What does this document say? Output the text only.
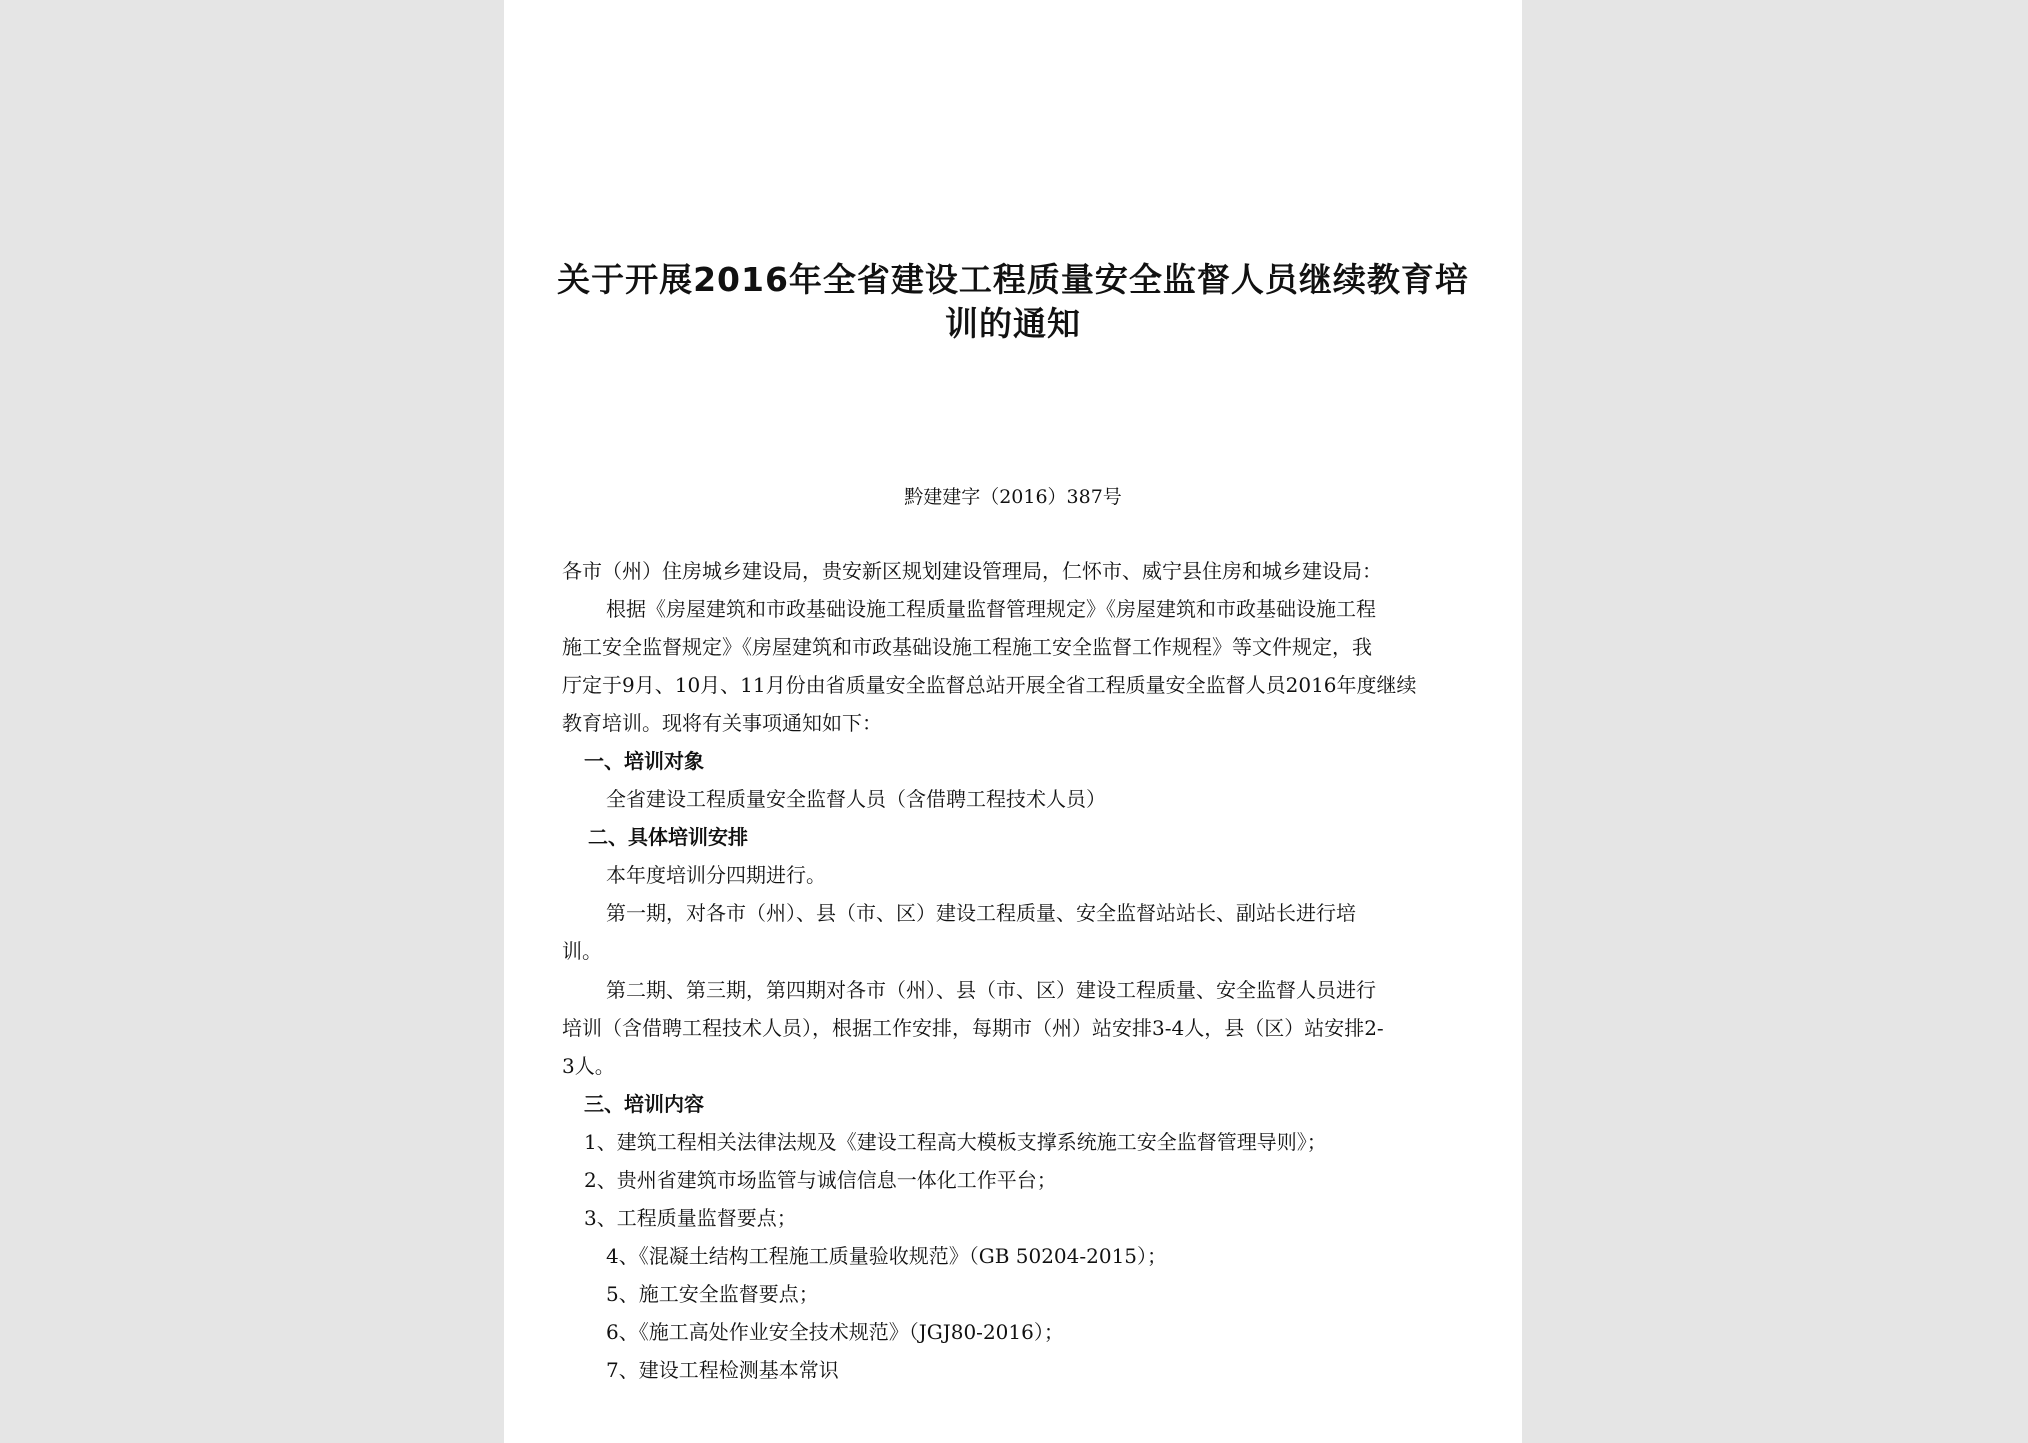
关于开展2016年全省建设工程质量安全监督人员继续教育培训的通知
黔建建字（2016）387号
各市（州）住房城乡建设局，贵安新区规划建设管理局，仁怀市、威宁县住房和城乡建设局：
根据《房屋建筑和市政基础设施工程质量监督管理规定》《房屋建筑和市政基础设施工程
施工安全监督规定》《房屋建筑和市政基础设施工程施工安全监督工作规程》等文件规定，我
厅定于9月、10月、11月份由省质量安全监督总站开展全省工程质量安全监督人员2016年度继续
教育培训。现将有关事项通知如下：
一、培训对象
全省建设工程质量安全监督人员（含借聘工程技术人员）
二、具体培训安排
本年度培训分四期进行。
第一期，对各市（州）、县（市、区）建设工程质量、安全监督站站长、副站长进行培
训。
第二期、第三期，第四期对各市（州）、县（市、区）建设工程质量、安全监督人员进行
培训（含借聘工程技术人员），根据工作安排，每期市（州）站安排3-4人，县（区）站安排2-
3人。
三、培训内容
1、建筑工程相关法律法规及《建设工程高大模板支撑系统施工安全监督管理导则》；
2、贵州省建筑市场监管与诚信信息一体化工作平台；
3、工程质量监督要点；
4、《混凝土结构工程施工质量验收规范》（GB 50204-2015）；
5、施工安全监督要点；
6、《施工高处作业安全技术规范》（JGJ80-2016）；
7、建设工程检测基本常识
